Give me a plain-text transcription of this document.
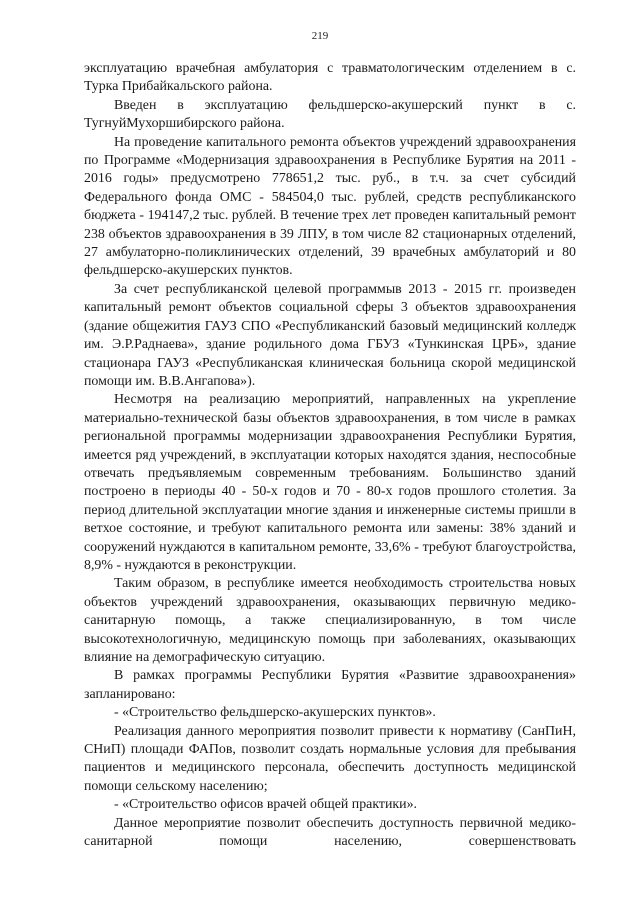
219

эксплуатацию врачебная амбулатория с травматологическим отделением в с. Турка Прибайкальского района.

Введен в эксплуатацию фельдшерско-акушерский пункт в с. ТугнуйМухоршибирского района.

На проведение капитального ремонта объектов учреждений здравоохранения по Программе «Модернизация здравоохранения в Республике Бурятия на 2011 - 2016 годы» предусмотрено 778651,2 тыс. руб., в т.ч. за счет субсидий Федерального фонда ОМС - 584504,0 тыс. рублей, средств республиканского бюджета - 194147,2 тыс. рублей. В течение трех лет проведен капитальный ремонт 238 объектов здравоохранения в 39 ЛПУ, в том числе 82 стационарных отделений, 27 амбулаторно-поликлинических отделений, 39 врачебных амбулаторий и 80 фельдшерско-акушерских пунктов.

За счет республиканской целевой программыв 2013 - 2015 гг. произведен капитальный ремонт объектов социальной сферы 3 объектов здравоохранения (здание общежития ГАУЗ СПО «Республиканский базовый медицинский колледж им. Э.Р.Раднаева», здание родильного дома ГБУЗ «Тункинская ЦРБ», здание стационара ГАУЗ «Республиканская клиническая больница скорой медицинской помощи им. В.В.Ангапова»).

Несмотря на реализацию мероприятий, направленных на укрепление материально-технической базы объектов здравоохранения, в том числе в рамках региональной программы модернизации здравоохранения Республики Бурятия, имеется ряд учреждений, в эксплуатации которых находятся здания, неспособные отвечать предъявляемым современным требованиям. Большинство зданий построено в периоды 40 - 50-х годов и 70 - 80-х годов прошлого столетия. За период длительной эксплуатации многие здания и инженерные системы пришли в ветхое состояние, и требуют капитального ремонта или замены: 38% зданий и сооружений нуждаются в капитальном ремонте, 33,6% - требуют благоустройства, 8,9% - нуждаются в реконструкции.

Таким образом, в республике имеется необходимость строительства новых объектов учреждений здравоохранения, оказывающих первичную медико-санитарную помощь, а также специализированную, в том числе высокотехнологичную, медицинскую помощь при заболеваниях, оказывающих влияние на демографическую ситуацию.

В рамках программы Республики Бурятия «Развитие здравоохранения» запланировано:

- «Строительство фельдшерско-акушерских пунктов».

Реализация данного мероприятия позволит привести к нормативу (СанПиН, СНиП) площади ФАПов, позволит создать нормальные условия для пребывания пациентов и медицинского персонала, обеспечить доступность медицинской помощи сельскому населению;

- «Строительство офисов врачей общей практики».

Данное мероприятие позволит обеспечить доступность первичной медико-санитарной помощи населению, совершенствовать
